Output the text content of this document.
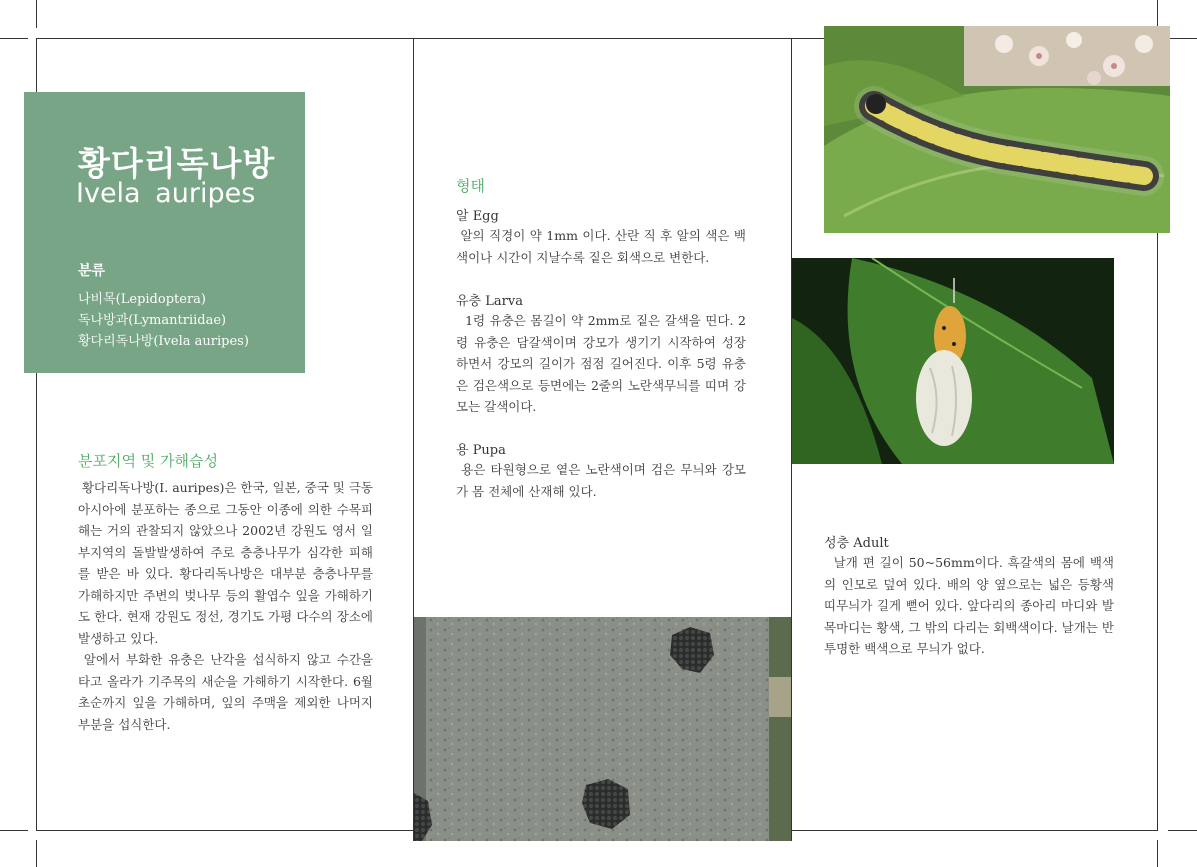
황다리독나방
Ivela auripes
분류
나비목(Lepidoptera)
독나방과(Lymantriidae)
황다리독나방(Ivela auripes)
분포지역 및 가해습성
황다리독나방(I. auripes)은 한국, 일본, 중국 및 극동아시아에 분포하는 종으로 그동안 이종에 의한 수목피해는 거의 관찰되지 않았으나 2002년 강원도 영서 일부지역의 돌발발생하여 주로 층층나무가 심각한 피해를 받은 바 있다. 황다리독나방은 대부분 층층나무를 가해하지만 주변의 벚나무 등의 활엽수 잎을 가해하기도 한다. 현재 강원도 정선, 경기도 가평 다수의 장소에 발생하고 있다.
알에서 부화한 유충은 난각을 섭식하지 않고 수간을 타고 올라가 기주목의 새순을 가해하기 시작한다. 6월 초순까지 잎을 가해하며, 잎의 주맥을 제외한 나머지 부분을 섭식한다.
형태
알 Egg
알의 직경이 약 1mm 이다. 산란 직 후 알의 색은 백색이나 시간이 지날수록 짙은 회색으로 변한다.
유충 Larva
1령 유충은 몸길이 약 2mm로 짙은 갈색을 띤다. 2령 유충은 담갈색이며 강모가 생기기 시작하여 성장 하면서 강모의 길이가 점점 길어진다. 이후 5령 유충은 검은색으로 등면에는 2줄의 노란색무늬를 띠며 강모는 갈색이다.
용 Pupa
용은 타원형으로 옅은 노란색이며 검은 무늬와 강모가 몸 전체에 산재해 있다.
성충 Adult
날개 편 길이 50~56mm이다. 흑갈색의 몸에 백색의 인모로 덮여 있다. 배의 양 옆으로는 넓은 등황색 띠무늬가 길게 뻗어 있다. 앞다리의 종아리 마디와 발목마디는 황색, 그 밖의 다리는 회백색이다. 날개는 반투명한 백색으로 무늬가 없다.
